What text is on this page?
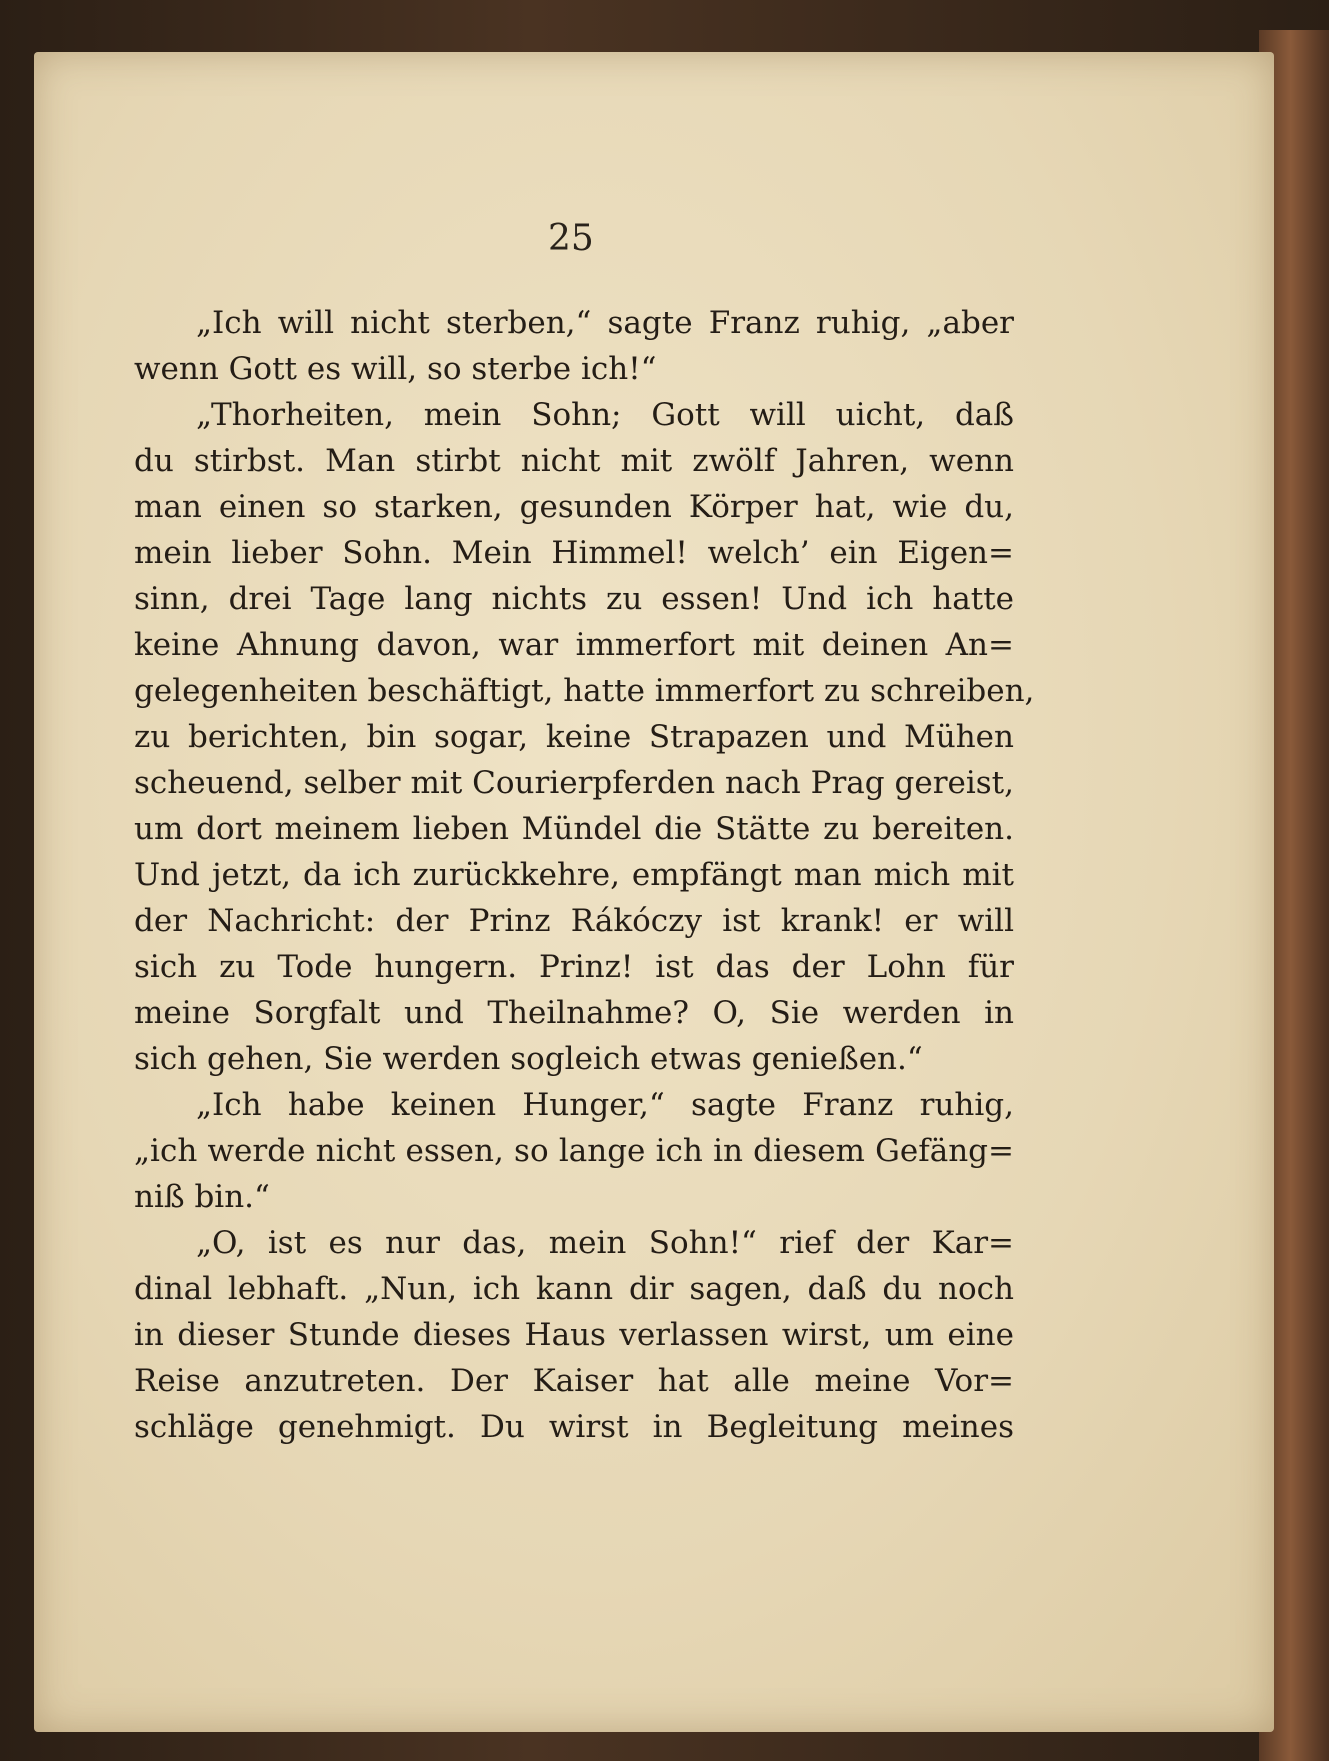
25
„Ich will nicht sterben,“ sagte Franz ruhig, „aber
wenn Gott es will, so sterbe ich!“
„Thorheiten, mein Sohn; Gott will uicht, daß
du stirbst. Man stirbt nicht mit zwölf Jahren, wenn
man einen so starken, gesunden Körper hat, wie du,
mein lieber Sohn. Mein Himmel! welch’ ein Eigen=
sinn, drei Tage lang nichts zu essen! Und ich hatte
keine Ahnung davon, war immerfort mit deinen An=
gelegenheiten beschäftigt, hatte immerfort zu schreiben,
zu berichten, bin sogar, keine Strapazen und Mühen
scheuend, selber mit Courierpferden nach Prag gereist,
um dort meinem lieben Mündel die Stätte zu bereiten.
Und jetzt, da ich zurückkehre, empfängt man mich mit
der Nachricht: der Prinz Rákóczy ist krank! er will
sich zu Tode hungern. Prinz! ist das der Lohn für
meine Sorgfalt und Theilnahme? O, Sie werden in
sich gehen, Sie werden sogleich etwas genießen.“
„Ich habe keinen Hunger,“ sagte Franz ruhig,
„ich werde nicht essen, so lange ich in diesem Gefäng=
niß bin.“
„O, ist es nur das, mein Sohn!“ rief der Kar=
dinal lebhaft. „Nun, ich kann dir sagen, daß du noch
in dieser Stunde dieses Haus verlassen wirst, um eine
Reise anzutreten. Der Kaiser hat alle meine Vor=
schläge genehmigt. Du wirst in Begleitung meines
